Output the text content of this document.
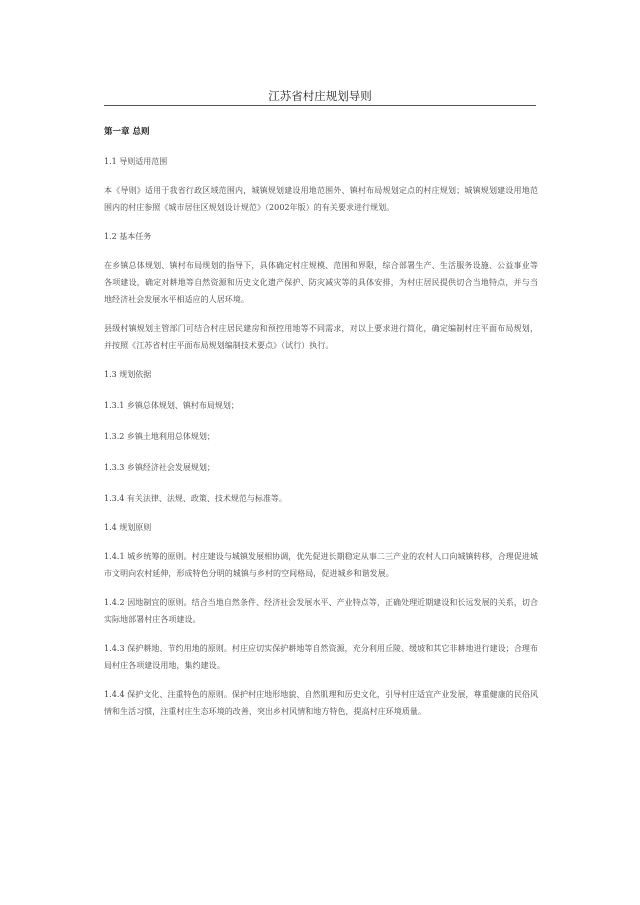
江苏省村庄规划导则

第一章 总则

1.1 导则适用范围

本《导则》适用于我省行政区域范围内，城镇规划建设用地范围外、镇村布局规划定点的村庄规划；城镇规划建设用地范围内的村庄参照《城市居住区规划设计规范》（2002年版）的有关要求进行规划。

1.2 基本任务

在乡镇总体规划、镇村布局规划的指导下，具体确定村庄规模、范围和界限，综合部署生产、生活服务设施、公益事业等各项建设，确定对耕地等自然资源和历史文化遗产保护、防灾减灾等的具体安排，为村庄居民提供切合当地特点，并与当地经济社会发展水平相适应的人居环境。

县级村镇规划主管部门可结合村庄居民建房和预控用地等不同需求，对以上要求进行简化，确定编制村庄平面布局规划，并按照《江苏省村庄平面布局规划编制技术要点》（试行）执行。

1.3 规划依据

1.3.1 乡镇总体规划、镇村布局规划；

1.3.2 乡镇土地利用总体规划；

1.3.3 乡镇经济社会发展规划；

1.3.4 有关法律、法规、政策、技术规范与标准等。

1.4 规划原则

1.4.1 城乡统筹的原则。村庄建设与城镇发展相协调，优先促进长期稳定从事二三产业的农村人口向城镇转移，合理促进城市文明向农村延伸，形成特色分明的城镇与乡村的空间格局，促进城乡和谐发展。

1.4.2 因地制宜的原则。结合当地自然条件、经济社会发展水平、产业特点等，正确处理近期建设和长远发展的关系，切合实际地部署村庄各项建设。

1.4.3 保护耕地、节约用地的原则。村庄应切实保护耕地等自然资源，充分利用丘陵、缓坡和其它非耕地进行建设；合理布局村庄各项建设用地，集约建设。

1.4.4 保护文化、注重特色的原则。保护村庄地形地貌、自然肌理和历史文化，引导村庄适宜产业发展，尊重健康的民俗风情和生活习惯，注重村庄生态环境的改善，突出乡村风情和地方特色，提高村庄环境质量。
